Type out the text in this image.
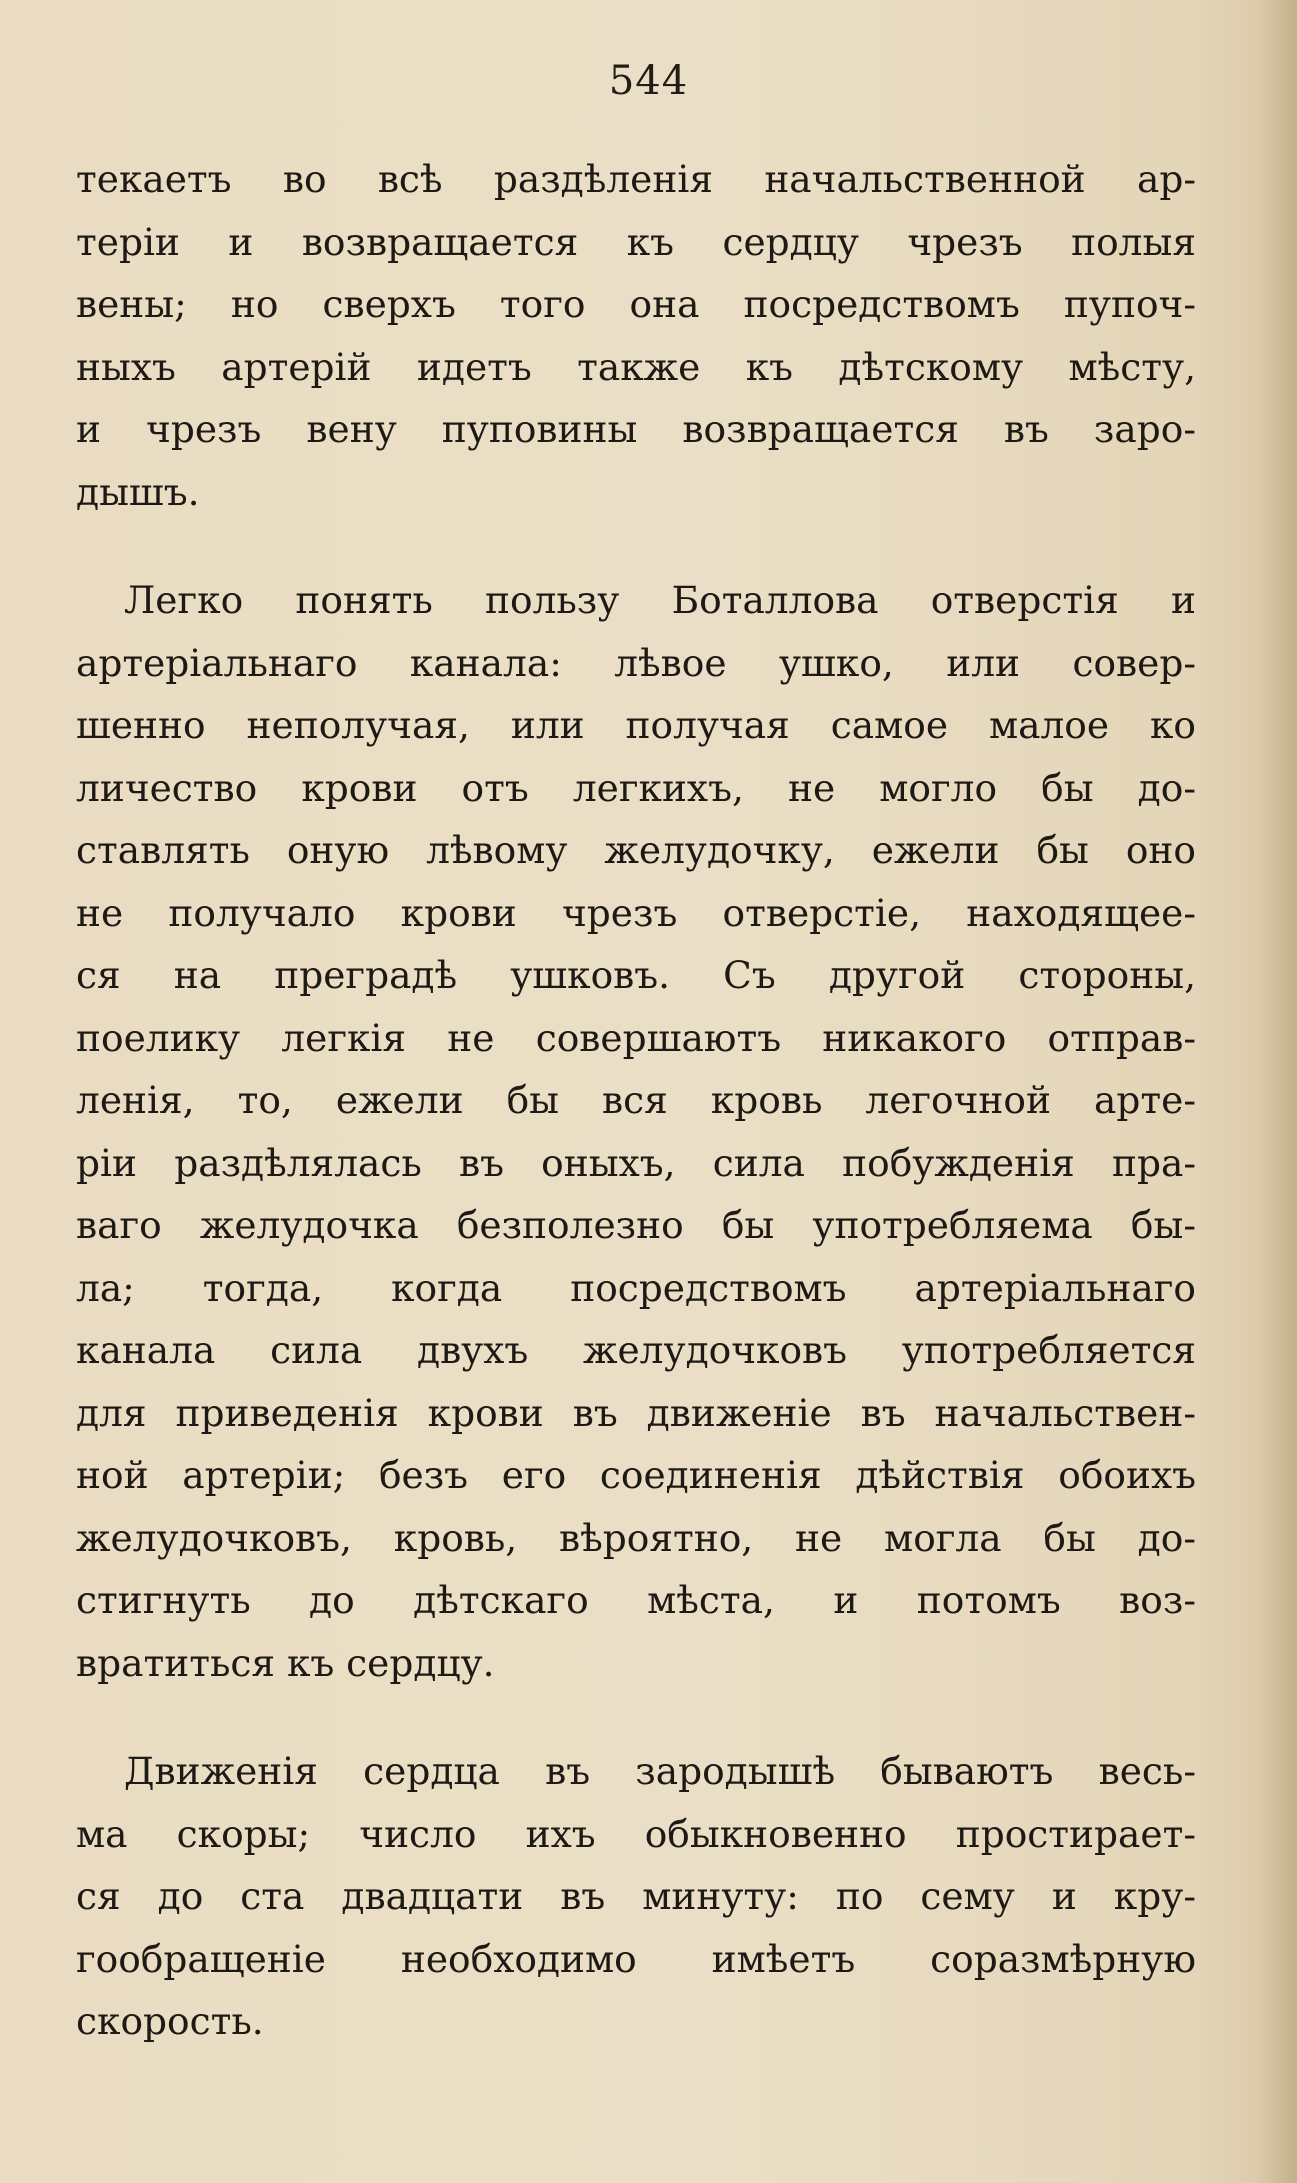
544
текаетъ во всѣ раздѣленія начальственной ар-
теріи и возвращается къ сердцу чрезъ полыя
вены; но сверхъ того она посредствомъ пупоч-
ныхъ артерій идетъ также къ дѣтскому мѣсту,
и чрезъ вену пуповины возвращается въ заро-
дышъ.
Легко понять пользу Боталлова отверстія и
артеріальнаго канала: лѣвое ушко, или совер-
шенно неполучая, или получая самое малое ко
личество крови отъ легкихъ, не могло бы до-
ставлять оную лѣвому желудочку, ежели бы оно
не получало крови чрезъ отверстіе, находящее-
ся на преградѣ ушковъ. Съ другой стороны,
поелику легкія не совершаютъ никакого отправ-
ленія, то, ежели бы вся кровь легочной арте-
ріи раздѣлялась въ оныхъ, сила побужденія пра-
ваго желудочка безполезно бы употребляема бы-
ла; тогда, когда посредствомъ артеріальнаго
канала сила двухъ желудочковъ употребляется
для приведенія крови въ движеніе въ начальствен-
ной артеріи; безъ его соединенія дѣйствія обоихъ
желудочковъ, кровь, вѣроятно, не могла бы до-
стигнуть до дѣтскаго мѣста, и потомъ воз-
вратиться къ сердцу.
Движенія сердца въ зародышѣ бываютъ весь-
ма скоры; число ихъ обыкновенно простирает-
ся до ста двадцати въ минуту: по сему и кру-
гообращеніе необходимо имѣетъ соразмѣрную
скорость.
